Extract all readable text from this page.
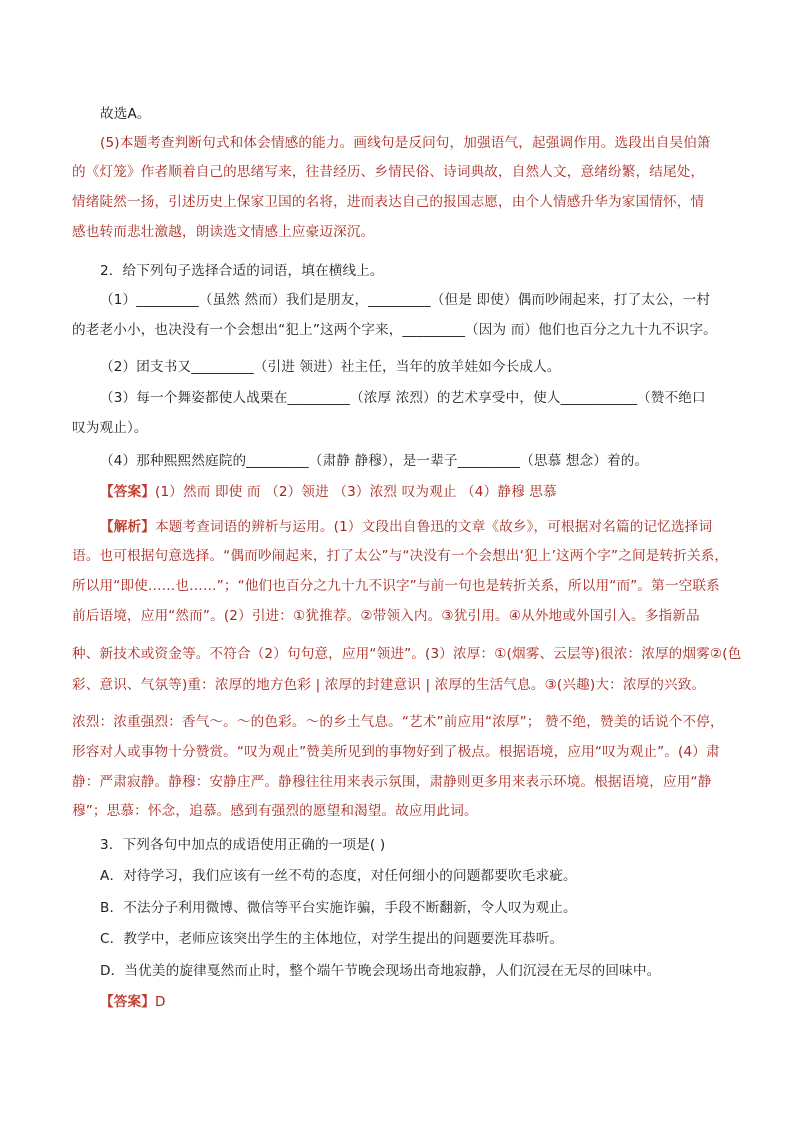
故选A。
(5)本题考查判断句式和体会情感的能力。画线句是反问句，加强语气，起强调作用。选段出自吴伯箫
的《灯笼》作者顺着自己的思绪写来，往昔经历、乡情民俗、诗词典故，自然人文，意绪纷繁，结尾处，
情绪陡然一扬，引述历史上保家卫国的名将，进而表达自己的报国志愿，由个人情感升华为家国情怀，情
感也转而悲壮激越，朗读选文情感上应豪迈深沉。
2．给下列句子选择合适的词语，填在横线上。
（1）_________（虽然 然而）我们是朋友，_________（但是 即使）偶而吵闹起来，打了太公，一村
的老老小小，也决没有一个会想出“犯上”这两个字来，_________（因为 而）他们也百分之九十九不识字。
（2）团支书又_________（引进 领进）社主任，当年的放羊娃如今长成人。
（3）每一个舞姿都使人战栗在_________（浓厚 浓烈）的艺术享受中，使人___________（赞不绝口
叹为观止）。
（4）那种熙熙然庭院的_________（肃静 静穆），是一辈子_________（思慕 想念）着的。
【答案】(1）然而 即使 而 （2）领进 （3）浓烈 叹为观止 （4）静穆 思慕
【解析】本题考查词语的辨析与运用。(1）文段出自鲁迅的文章《故乡》，可根据对名篇的记忆选择词
语。也可根据句意选择。“偶而吵闹起来，打了太公”与“决没有一个会想出‘犯上’这两个字”之间是转折关系，
所以用“即使……也……”；“他们也百分之九十九不识字”与前一句也是转折关系，所以用“而”。第一空联系
前后语境，应用“然而”。(2）引进：①犹推荐。②带领入内。③犹引用。④从外地或外国引入。多指新品
种、新技术或资金等。不符合（2）句句意，应用“领进”。(3）浓厚：①(烟雾、云层等)很浓：浓厚的烟雾②(色
彩、意识、气氛等)重：浓厚的地方色彩 | 浓厚的封建意识 | 浓厚的生活气息。③(兴趣)大：浓厚的兴致。
浓烈：浓重强烈：香气～。～的色彩。～的乡土气息。“艺术”前应用“浓厚”； 赞不绝，赞美的话说个不停，
形容对人或事物十分赞赏。“叹为观止”赞美所见到的事物好到了极点。根据语境，应用“叹为观止”。(4）肃
静：严肃寂静。静穆：安静庄严。静穆往往用来表示氛围，肃静则更多用来表示环境。根据语境，应用“静
穆”；思慕：怀念，追慕。感到有强烈的愿望和渴望。故应用此词。
3．下列各句中加点的成语使用正确的一项是( )
A．对待学习，我们应该有一丝不苟的态度，对任何细小的问题都要吹毛求疵。
B．不法分子利用微博、微信等平台实施诈骗，手段不断翻新，令人叹为观止。
C．教学中，老师应该突出学生的主体地位，对学生提出的问题要洗耳恭听。
D．当优美的旋律戛然而止时，整个端午节晚会现场出奇地寂静，人们沉浸在无尽的回味中。
【答案】D
